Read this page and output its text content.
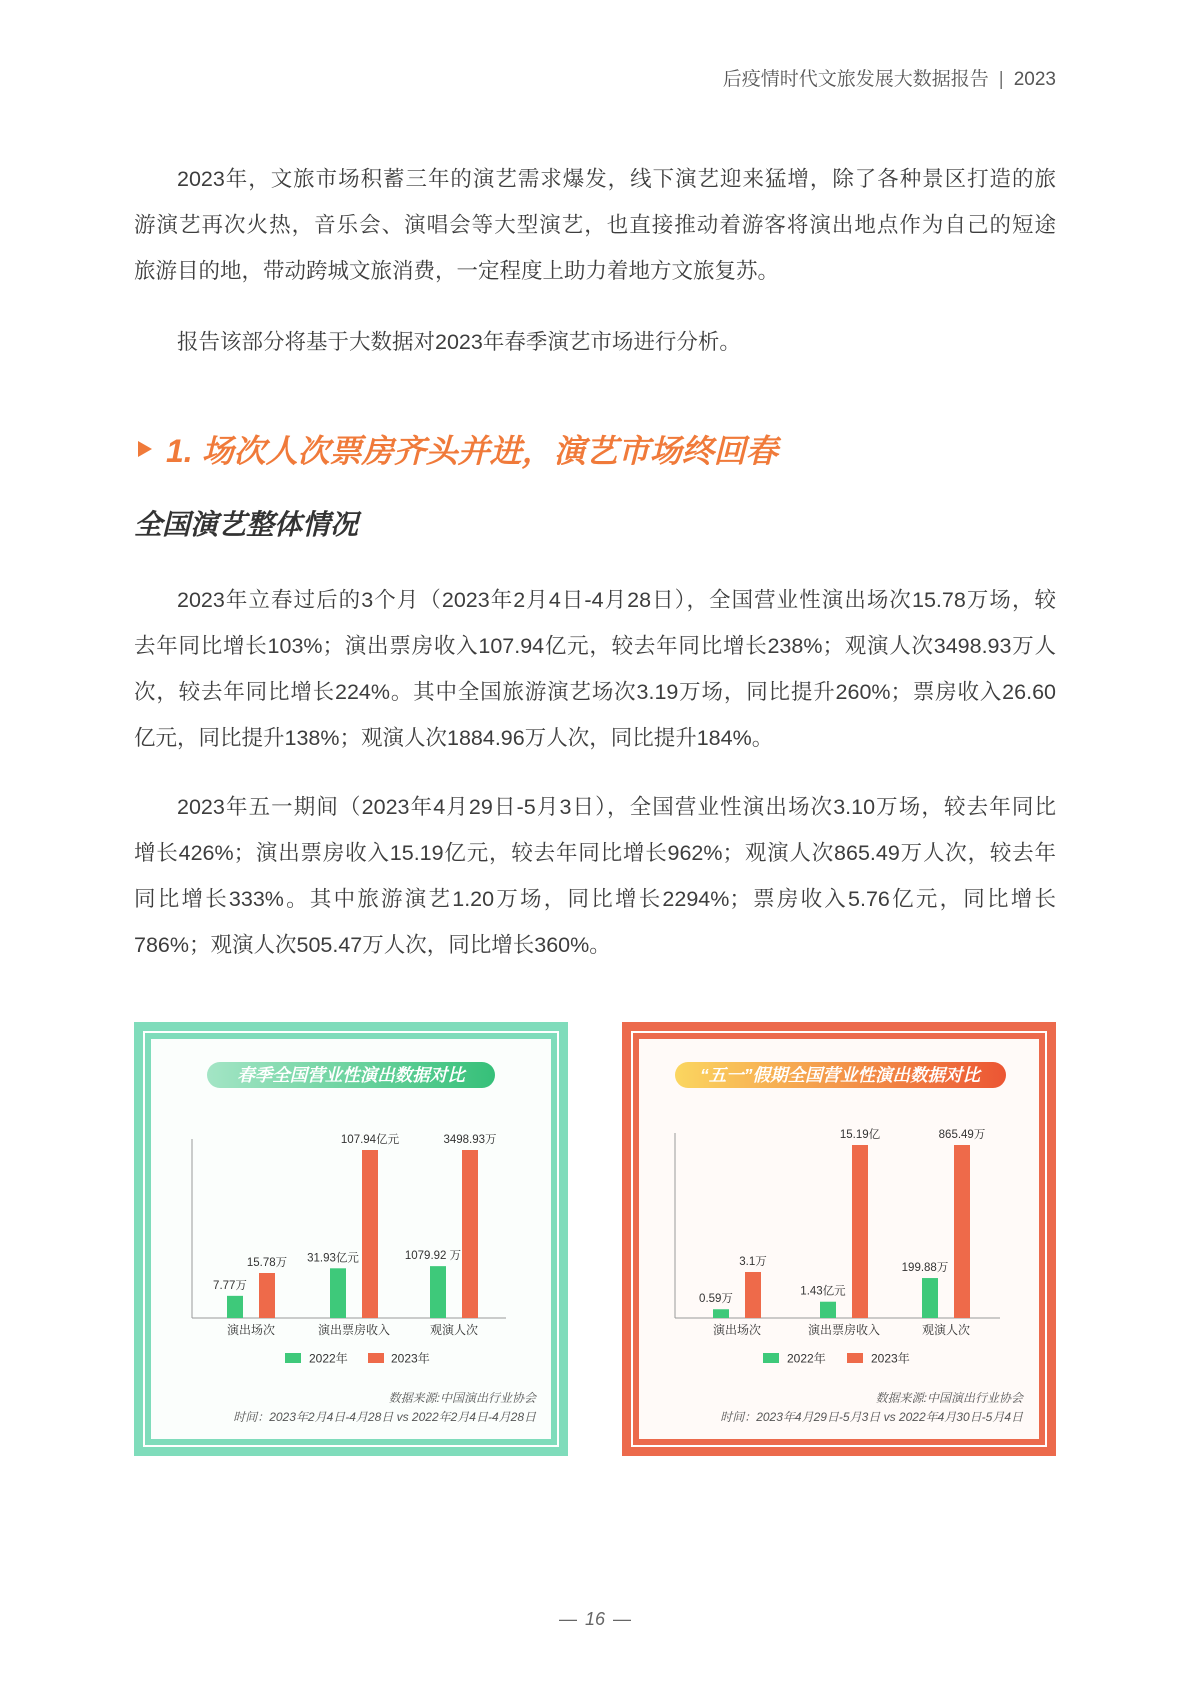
后疫情时代文旅发展大数据报告 | 2023
2023年，文旅市场积蓄三年的演艺需求爆发，线下演艺迎来猛增，除了各种景区打造的旅
游演艺再次火热，音乐会、演唱会等大型演艺，也直接推动着游客将演出地点作为自己的短途
旅游目的地，带动跨城文旅消费，一定程度上助力着地方文旅复苏。
报告该部分将基于大数据对2023年春季演艺市场进行分析。
1. 场次人次票房齐头并进，演艺市场终回春
全国演艺整体情况
2023年立春过后的3个月（2023年2月4日-4月28日），全国营业性演出场次15.78万场，较
去年同比增长103%；演出票房收入107.94亿元，较去年同比增长238%；观演人次3498.93万人
次，较去年同比增长224%。其中全国旅游演艺场次3.19万场，同比提升260%；票房收入26.60
亿元，同比提升138%；观演人次1884.96万人次，同比提升184%。
2023年五一期间（2023年4月29日-5月3日），全国营业性演出场次3.10万场，较去年同比
增长426%；演出票房收入15.19亿元，较去年同比增长962%；观演人次865.49万人次，较去年
同比增长333%。其中旅游演艺1.20万场，同比增长2294%；票房收入5.76亿元，同比增长
786%；观演人次505.47万人次，同比增长360%。
春季全国营业性演出数据对比
7.77万
15.78万
演出场次
31.93亿元
107.94亿元
演出票房收入
1079.92 万
3498.93万
观演人次
2022年	2023年
数据来源:中国演出行业协会
时间：2023年2月4日-4月28日 vs 2022年2月4日-4月28日
“五一”假期全国营业性演出数据对比
0.59万
3.1万
演出场次
1.43亿元
15.19亿
演出票房收入
199.88万
865.49万
观演人次
2022年	2023年
数据来源:中国演出行业协会
时间：2023年4月29日-5月3日 vs 2022年4月30日-5月4日
— 16 —
